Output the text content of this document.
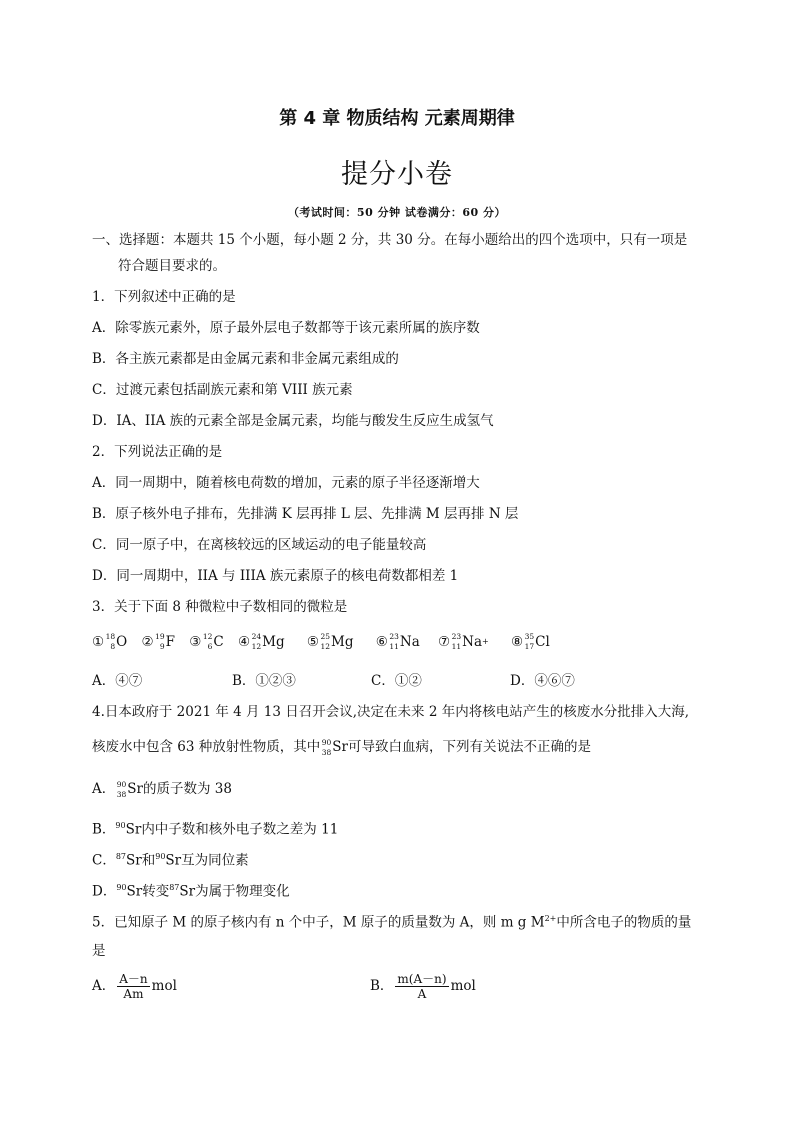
第 4 章 物质结构 元素周期律
提分小卷
（考试时间：50 分钟 试卷满分：60 分）
一、选择题：本题共 15 个小题，每小题 2 分，共 30 分。在每小题给出的四个选项中，只有一项是
符合题目要求的。
1．下列叙述中正确的是
A．除零族元素外，原子最外层电子数都等于该元素所属的族序数
B．各主族元素都是由金属元素和非金属元素组成的
C．过渡元素包括副族元素和第 VIII 族元素
D．ⅠA、IIA 族的元素全部是金属元素，均能与酸发生反应生成氢气
2．下列说法正确的是
A．同一周期中，随着核电荷数的增加，元素的原子半径逐渐增大
B．原子核外电子排布，先排满 K 层再排 L 层、先排满 M 层再排 N 层
C．同一原子中，在离核较远的区域运动的电子能量较高
D．同一周期中，IIA 与 IIIA 族元素原子的核电荷数都相差 1
3．关于下面 8 种微粒中子数相同的微粒是
① 18
8 O
② 19
9 F
③ 12
6 C
④ 24
12 Mg
⑤ 25
12 Mg
⑥ 23
11 Na
⑦ 23
11 Na +
⑧ 35
17 Cl
A．④⑦	B．①②③	C．①②	D．④⑥⑦
4.日本政府于 2021 年 4 月 13 日召开会议,决定在未来 2 年内将核电站产生的核废水分批排入大海,
核废水中包含 63 种放射性物质，其中 90
38 Sr可导致白血病，下列有关说法不正确的是
A． 90
38 Sr的质子数为 38
B．$^{90}$Sr内中子数和核外电子数之差为 11
C．$^{87}$Sr和$^{90}$Sr互为同位素
D．$^{90}$Sr转变$^{87}$Sr为属于物理变化
5．已知原子 M 的原子核内有 n 个中子，M 原子的质量数为 A，则 m g $M^{2+}$中所含电子的物质的量
是
A． $\frac{A-n}{Am}$ mol	B． $\frac{m(A-n)}{A}$ mol
